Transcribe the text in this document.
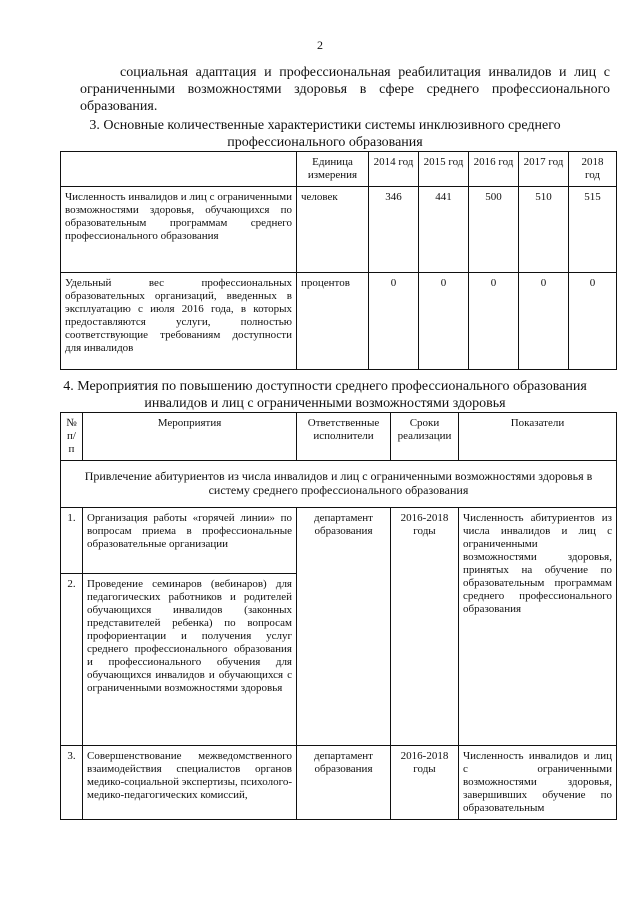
2
социальная адаптация и профессиональная реабилитация инвалидов и лиц с ограниченными возможностями здоровья в сфере среднего профессионального образования.
3. Основные количественные характеристики системы инклюзивного среднего профессионального образования
	Единица измерения	2014 год	2015 год	2016 год	2017 год	2018 год
Численность инвалидов и лиц с ограниченными возможностями здоровья, обучающихся по образовательным программам среднего профессионального образования	человек	346	441	500	510	515
Удельный вес профессиональных образовательных организаций, введенных в эксплуатацию с июля 2016 года, в которых предоставляются услуги, полностью соответствующие требованиям доступности для инвалидов	процентов	0	0	0	0	0
4. Мероприятия по повышению доступности среднего профессионального образования инвалидов и лиц с ограниченными возможностями здоровья
№ п/п	Мероприятия	Ответственные исполнители	Сроки реализации	Показатели
Привлечение абитуриентов из числа инвалидов и лиц с ограниченными возможностями здоровья в систему среднего профессионального образования				
1.	Организация работы «горячей линии» по вопросам приема в профессиональные образовательные организации	департамент образования	2016-2018 годы	Численность абитуриентов из числа инвалидов и лиц с ограниченными возможностями здоровья, принятых на обучение по образовательным программам среднего профессионального образования
2.	Проведение семинаров (вебинаров) для педагогических работников и родителей обучающихся инвалидов (законных представителей ребенка) по вопросам профориентации и получения услуг среднего профессионального образования и профессионального обучения для обучающихся инвалидов и обучающихся с ограниченными возможностями здоровья			
3.	Совершенствование межведомственного взаимодействия специалистов органов медико-социальной экспертизы, психолого-медико-педагогических комиссий,	департамент образования	2016-2018 годы	Численность инвалидов и лиц с ограниченными возможностями здоровья, завершивших обучение по образовательным
